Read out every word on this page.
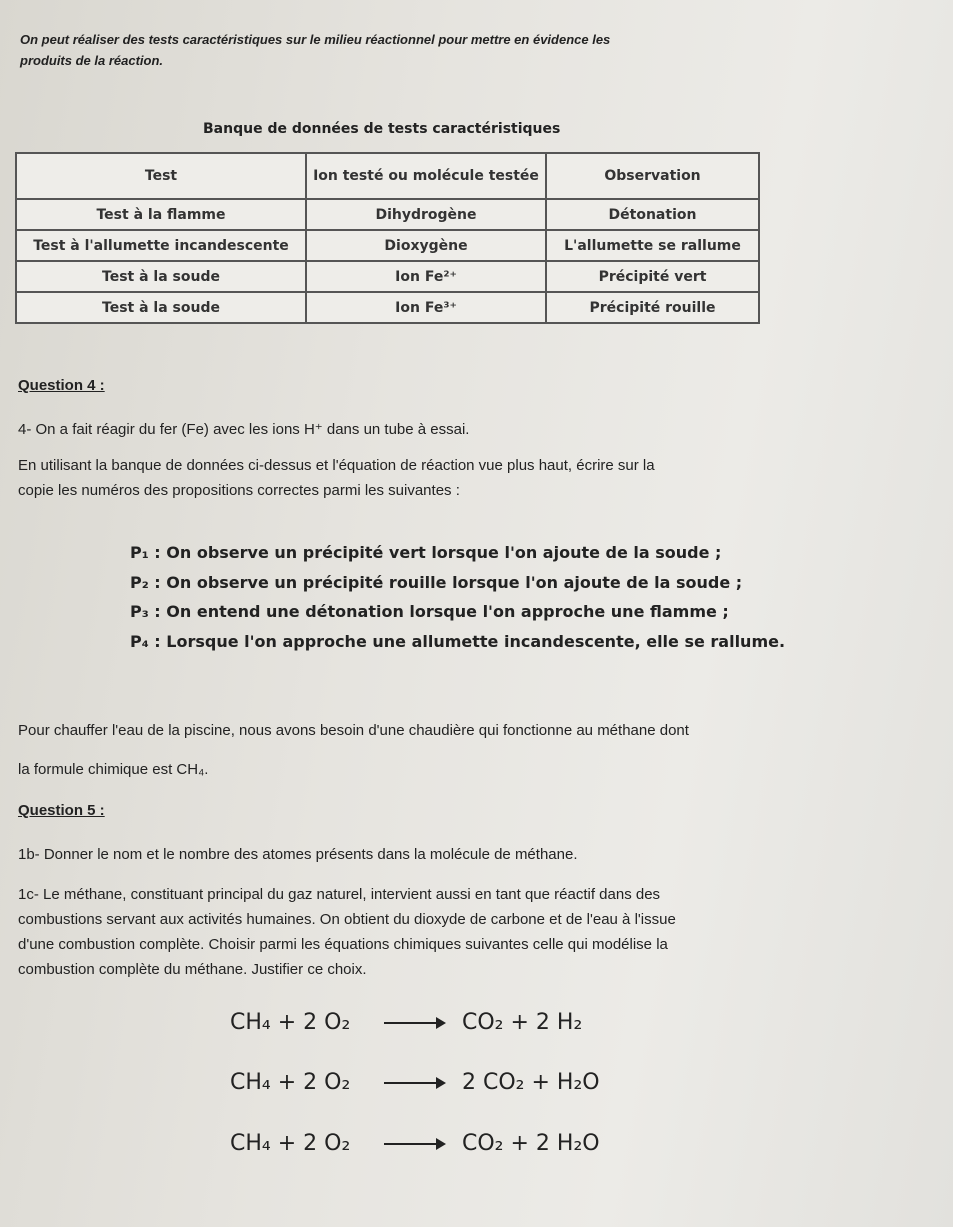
On peut réaliser des tests caractéristiques sur le milieu réactionnel pour mettre en évidence les
produits de la réaction.
Banque de données de tests caractéristiques
Test	Ion testé ou molécule testée	Observation
Test à la flamme	Dihydrogène	Détonation
Test à l'allumette incandescente	Dioxygène	L'allumette se rallume
Test à la soude	Ion Fe²⁺	Précipité vert
Test à la soude	Ion Fe³⁺	Précipité rouille
Question 4 :
4- On a fait réagir du fer (Fe) avec les ions H⁺ dans un tube à essai.
En utilisant la banque de données ci-dessus et l'équation de réaction vue plus haut, écrire sur la
copie les numéros des propositions correctes parmi les suivantes :
P₁ : On observe un précipité vert lorsque l'on ajoute de la soude ;
P₂ : On observe un précipité rouille lorsque l'on ajoute de la soude ;
P₃ : On entend une détonation lorsque l'on approche une flamme ;
P₄ : Lorsque l'on approche une allumette incandescente, elle se rallume.
Pour chauffer l'eau de la piscine, nous avons besoin d'une chaudière qui fonctionne au méthane dont
la formule chimique est CH₄.
Question 5 :
1b- Donner le nom et le nombre des atomes présents dans la molécule de méthane.
1c- Le méthane, constituant principal du gaz naturel, intervient aussi en tant que réactif dans des
combustions servant aux activités humaines. On obtient du dioxyde de carbone et de l'eau à l'issue
d'une combustion complète. Choisir parmi les équations chimiques suivantes celle qui modélise la
combustion complète du méthane. Justifier ce choix.
CH₄ + 2 O₂	→ CO₂ + 2 H₂
CH₄ + 2 O₂	→ 2 CO₂ + H₂O
CH₄ + 2 O₂	→ CO₂ + 2 H₂O
